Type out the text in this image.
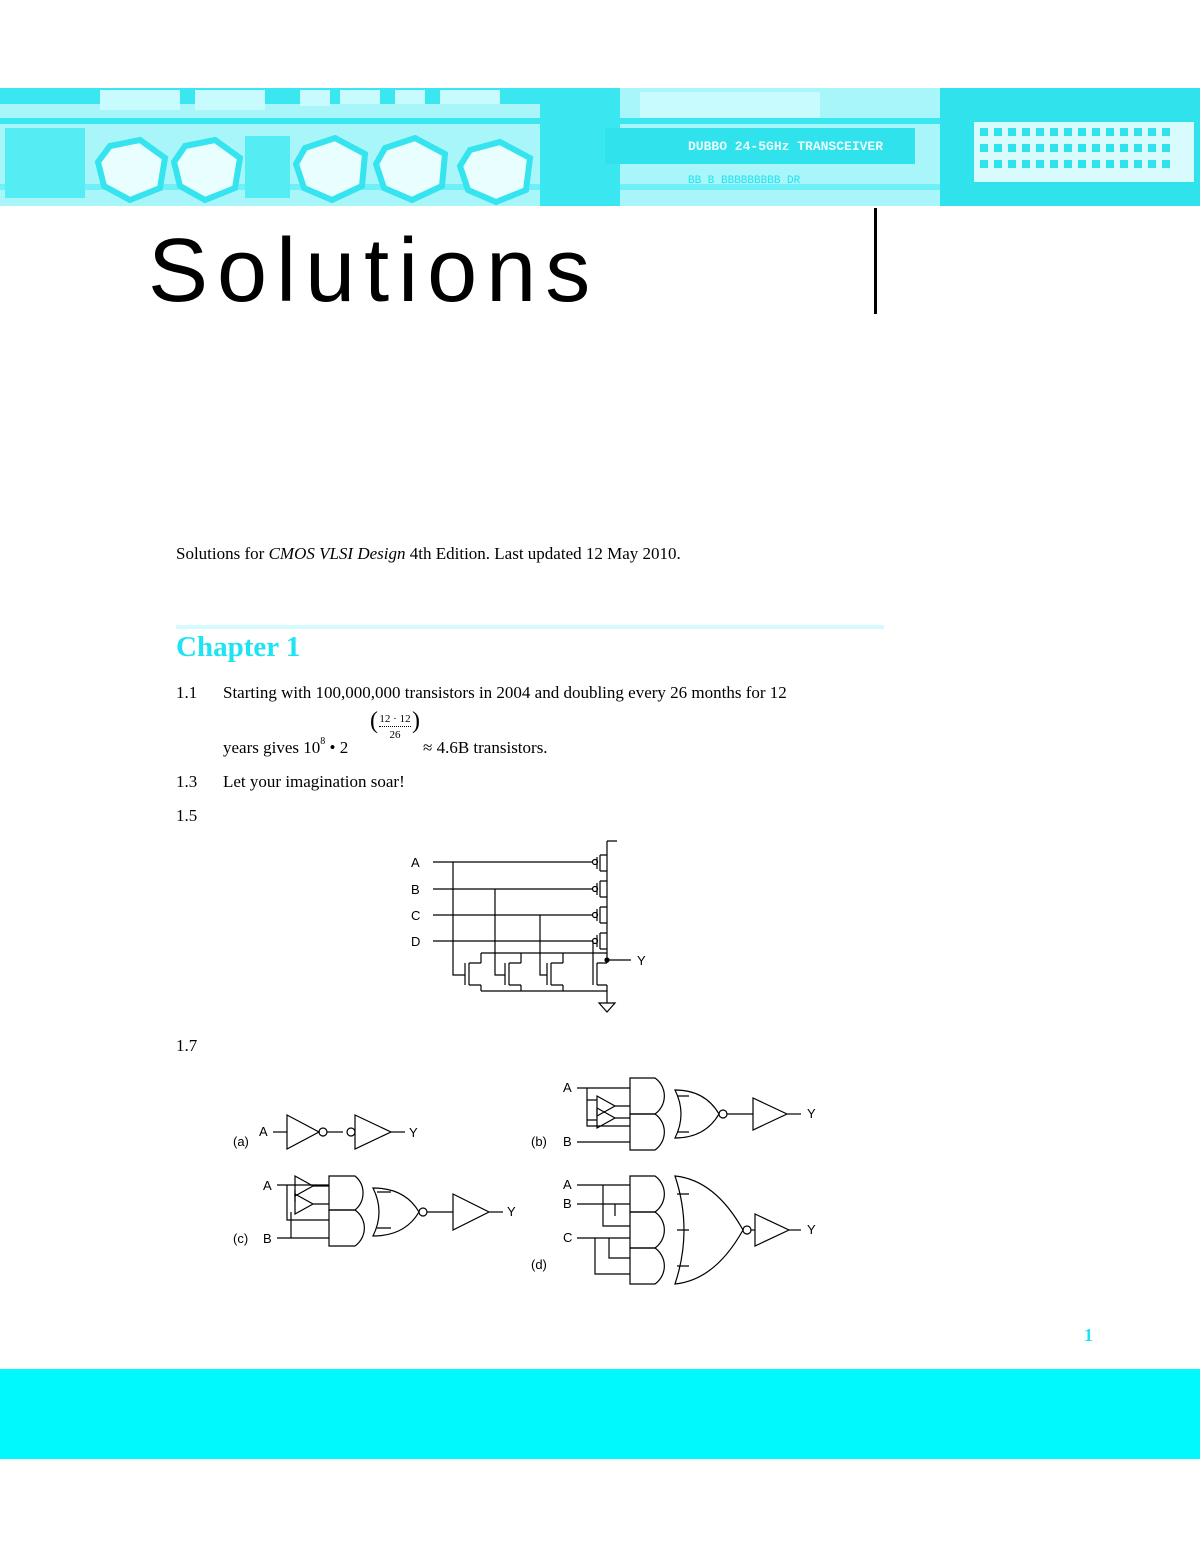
DUBBO 24-5GHz TRANSCEIVER
BB B BBBBBBBBB DR
Solutions
Solutions for CMOS VLSI Design 4th Edition. Last updated 12 May 2010.
Chapter 1
1.1 Starting with 100,000,000 transistors in 2004 and doubling every 26 months for 12
years gives $10^8$ • 2
( 12 · 12
26
)
≈ 4.6B transistors.
1.3 Let your imagination soar!
1.5
A
B
C
D
Y
1.7
(a)
A	Y
(b)
A
B
Y
(c)
A
B
Y
(d)
A
B
C
Y
1
